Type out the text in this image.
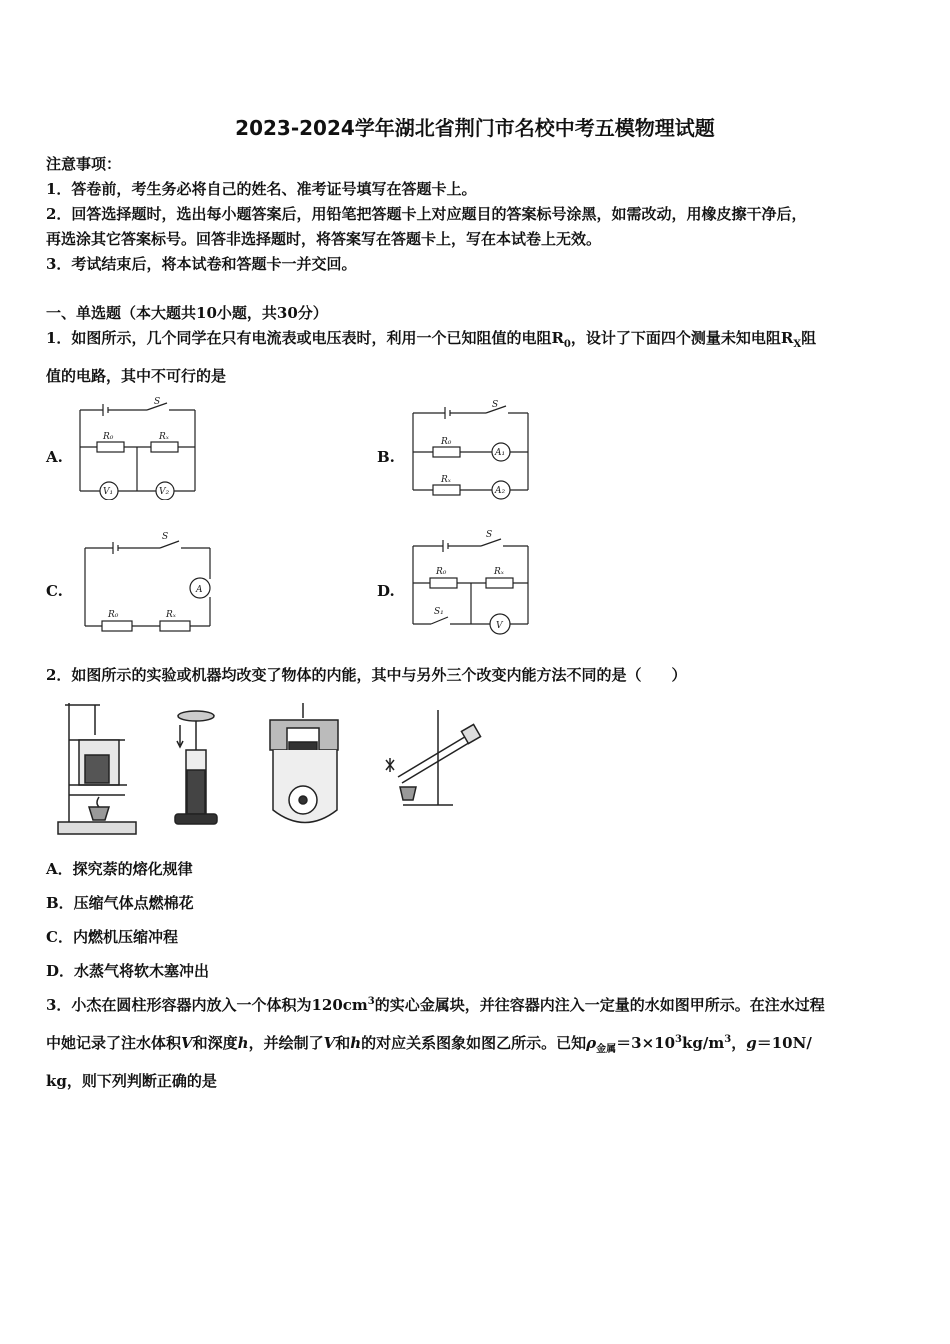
2023-2024学年湖北省荆门市名校中考五模物理试题
注意事项：
1．答卷前，考生务必将自己的姓名、准考证号填写在答题卡上。
2．回答选择题时，选出每小题答案后，用铅笔把答题卡上对应题目的答案标号涂黑，如需改动，用橡皮擦干净后，
再选涂其它答案标号。回答非选择题时，将答案写在答题卡上，写在本试卷上无效。
3．考试结束后，将本试卷和答题卡一并交回。
一、单选题（本大题共10小题，共30分）
1．如图所示，几个同学在只有电流表或电压表时，利用一个已知阻值的电阻$R_0$，设计了下面四个测量未知电阻$R_X$阻
值的电路，其中不可行的是
A.	B.
C.	D.
S
R₀	Rₓ
V₁	V₂
S
R₀
A₁
Rₓ
A₂
S
A
R₀	Rₓ
S
R₀	Rₓ
S₁
V
2．如图所示的实验或机器均改变了物体的内能，其中与另外三个改变内能方法不同的是（　　）
A．探究萘的熔化规律
B．压缩气体点燃棉花
C．内燃机压缩冲程
D．水蒸气将软木塞冲出
3．小杰在圆柱形容器内放入一个体积为$120cm^3$的实心金属块，并往容器内注入一定量的水如图甲所示。在注水过程
中她记录了注水体积V和深度h，并绘制了V和h的对应关系图象如图乙所示。已知$\rho_{金属}=3\times 10^3kg/m^3$，g＝10N/
kg，则下列判断正确的是
